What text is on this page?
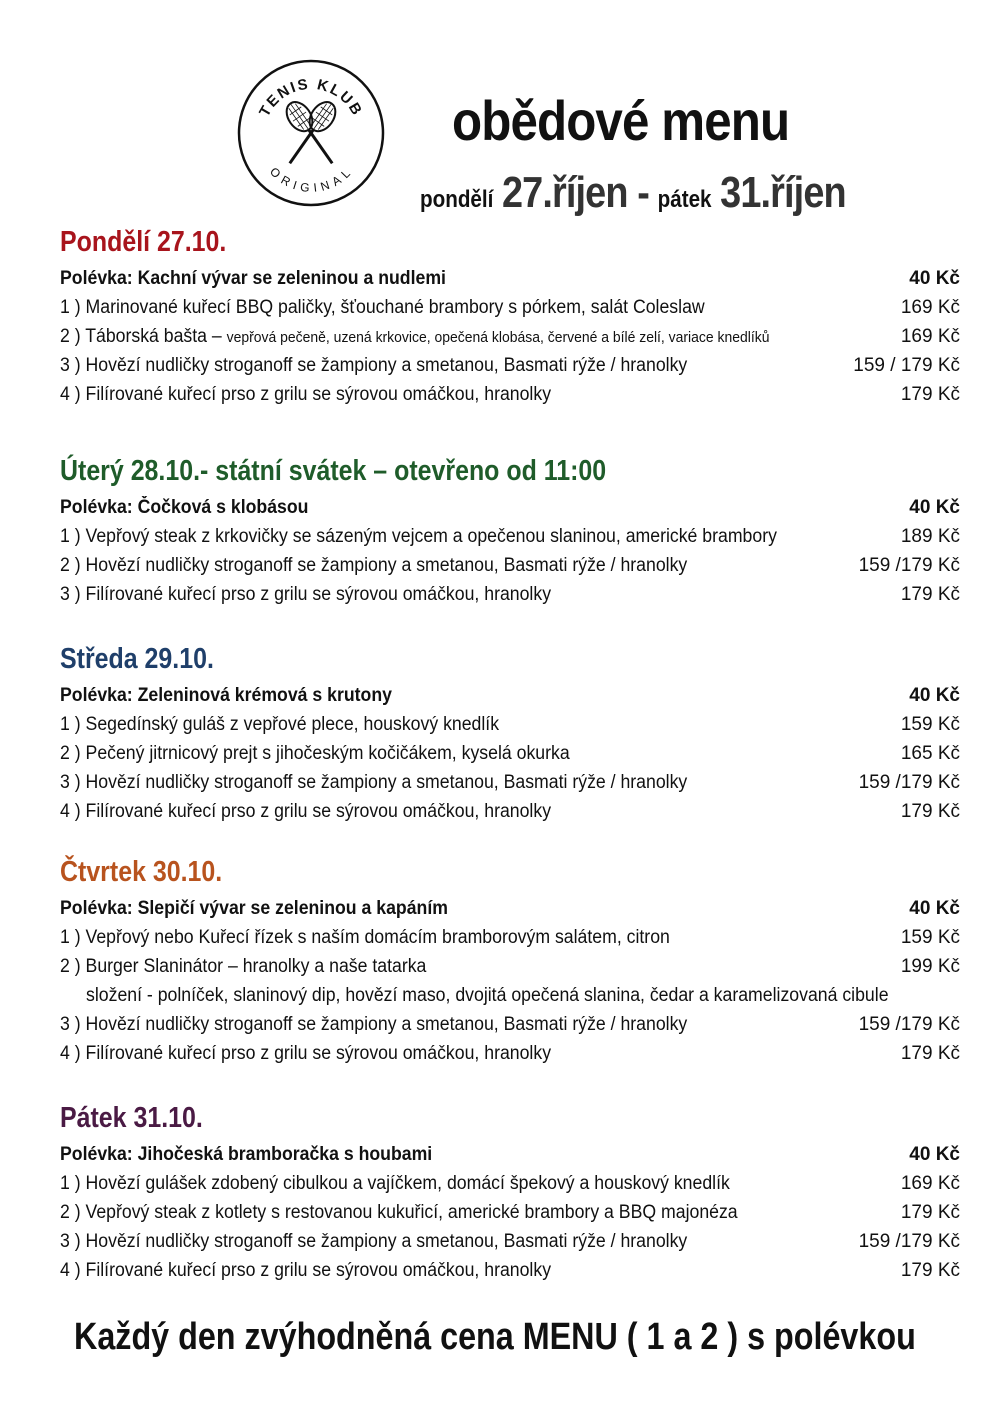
TENIS KLUB
ORIGINAL
obědové menu
pondělí 27.říjen - pátek 31.říjen
Pondělí 27.10.
Polévka: Kachní vývar se zeleninou a nudlemi	40 Kč
1 ) Marinované kuřecí BBQ paličky, šťouchané brambory s pórkem, salát Coleslaw	169 Kč
2 ) Táborská bašta – vepřová pečeně, uzená krkovice, opečená klobása, červené a bílé zelí, variace knedlíků	169 Kč
3 ) Hovězí nudličky stroganoff se žampiony a smetanou, Basmati rýže / hranolky	159 / 179 Kč
4 ) Filírované kuřecí prso z grilu se sýrovou omáčkou, hranolky	179 Kč
Úterý 28.10.- státní svátek – otevřeno od 11:00
Polévka: Čočková s klobásou	40 Kč
1 ) Vepřový steak z krkovičky se sázeným vejcem a opečenou slaninou, americké brambory	189 Kč
2 ) Hovězí nudličky stroganoff se žampiony a smetanou, Basmati rýže / hranolky	159 /179 Kč
3 ) Filírované kuřecí prso z grilu se sýrovou omáčkou, hranolky	179 Kč
Středa 29.10.
Polévka: Zeleninová krémová s krutony	40 Kč
1 ) Segedínský guláš z vepřové plece, houskový knedlík	159 Kč
2 ) Pečený jitrnicový prejt s jihočeským kočičákem, kyselá okurka	165 Kč
3 ) Hovězí nudličky stroganoff se žampiony a smetanou, Basmati rýže / hranolky	159 /179 Kč
4 ) Filírované kuřecí prso z grilu se sýrovou omáčkou, hranolky	179 Kč
Čtvrtek 30.10.
Polévka: Slepičí vývar se zeleninou a kapáním	40 Kč
1 ) Vepřový nebo Kuřecí řízek s naším domácím bramborovým salátem, citron	159 Kč
2 ) Burger Slaninátor – hranolky a naše tatarka	199 Kč
složení - polníček, slaninový dip, hovězí maso, dvojitá opečená slanina, čedar a karamelizovaná cibule
3 ) Hovězí nudličky stroganoff se žampiony a smetanou, Basmati rýže / hranolky	159 /179 Kč
4 ) Filírované kuřecí prso z grilu se sýrovou omáčkou, hranolky	179 Kč
Pátek 31.10.
Polévka: Jihočeská bramboračka s houbami	40 Kč
1 ) Hovězí gulášek zdobený cibulkou a vajíčkem, domácí špekový a houskový knedlík	169 Kč
2 ) Vepřový steak z kotlety s restovanou kukuřicí, americké brambory a BBQ majonéza	179 Kč
3 ) Hovězí nudličky stroganoff se žampiony a smetanou, Basmati rýže / hranolky	159 /179 Kč
4 ) Filírované kuřecí prso z grilu se sýrovou omáčkou, hranolky	179 Kč
Každý den zvýhodněná cena MENU ( 1 a 2 ) s polévkou
